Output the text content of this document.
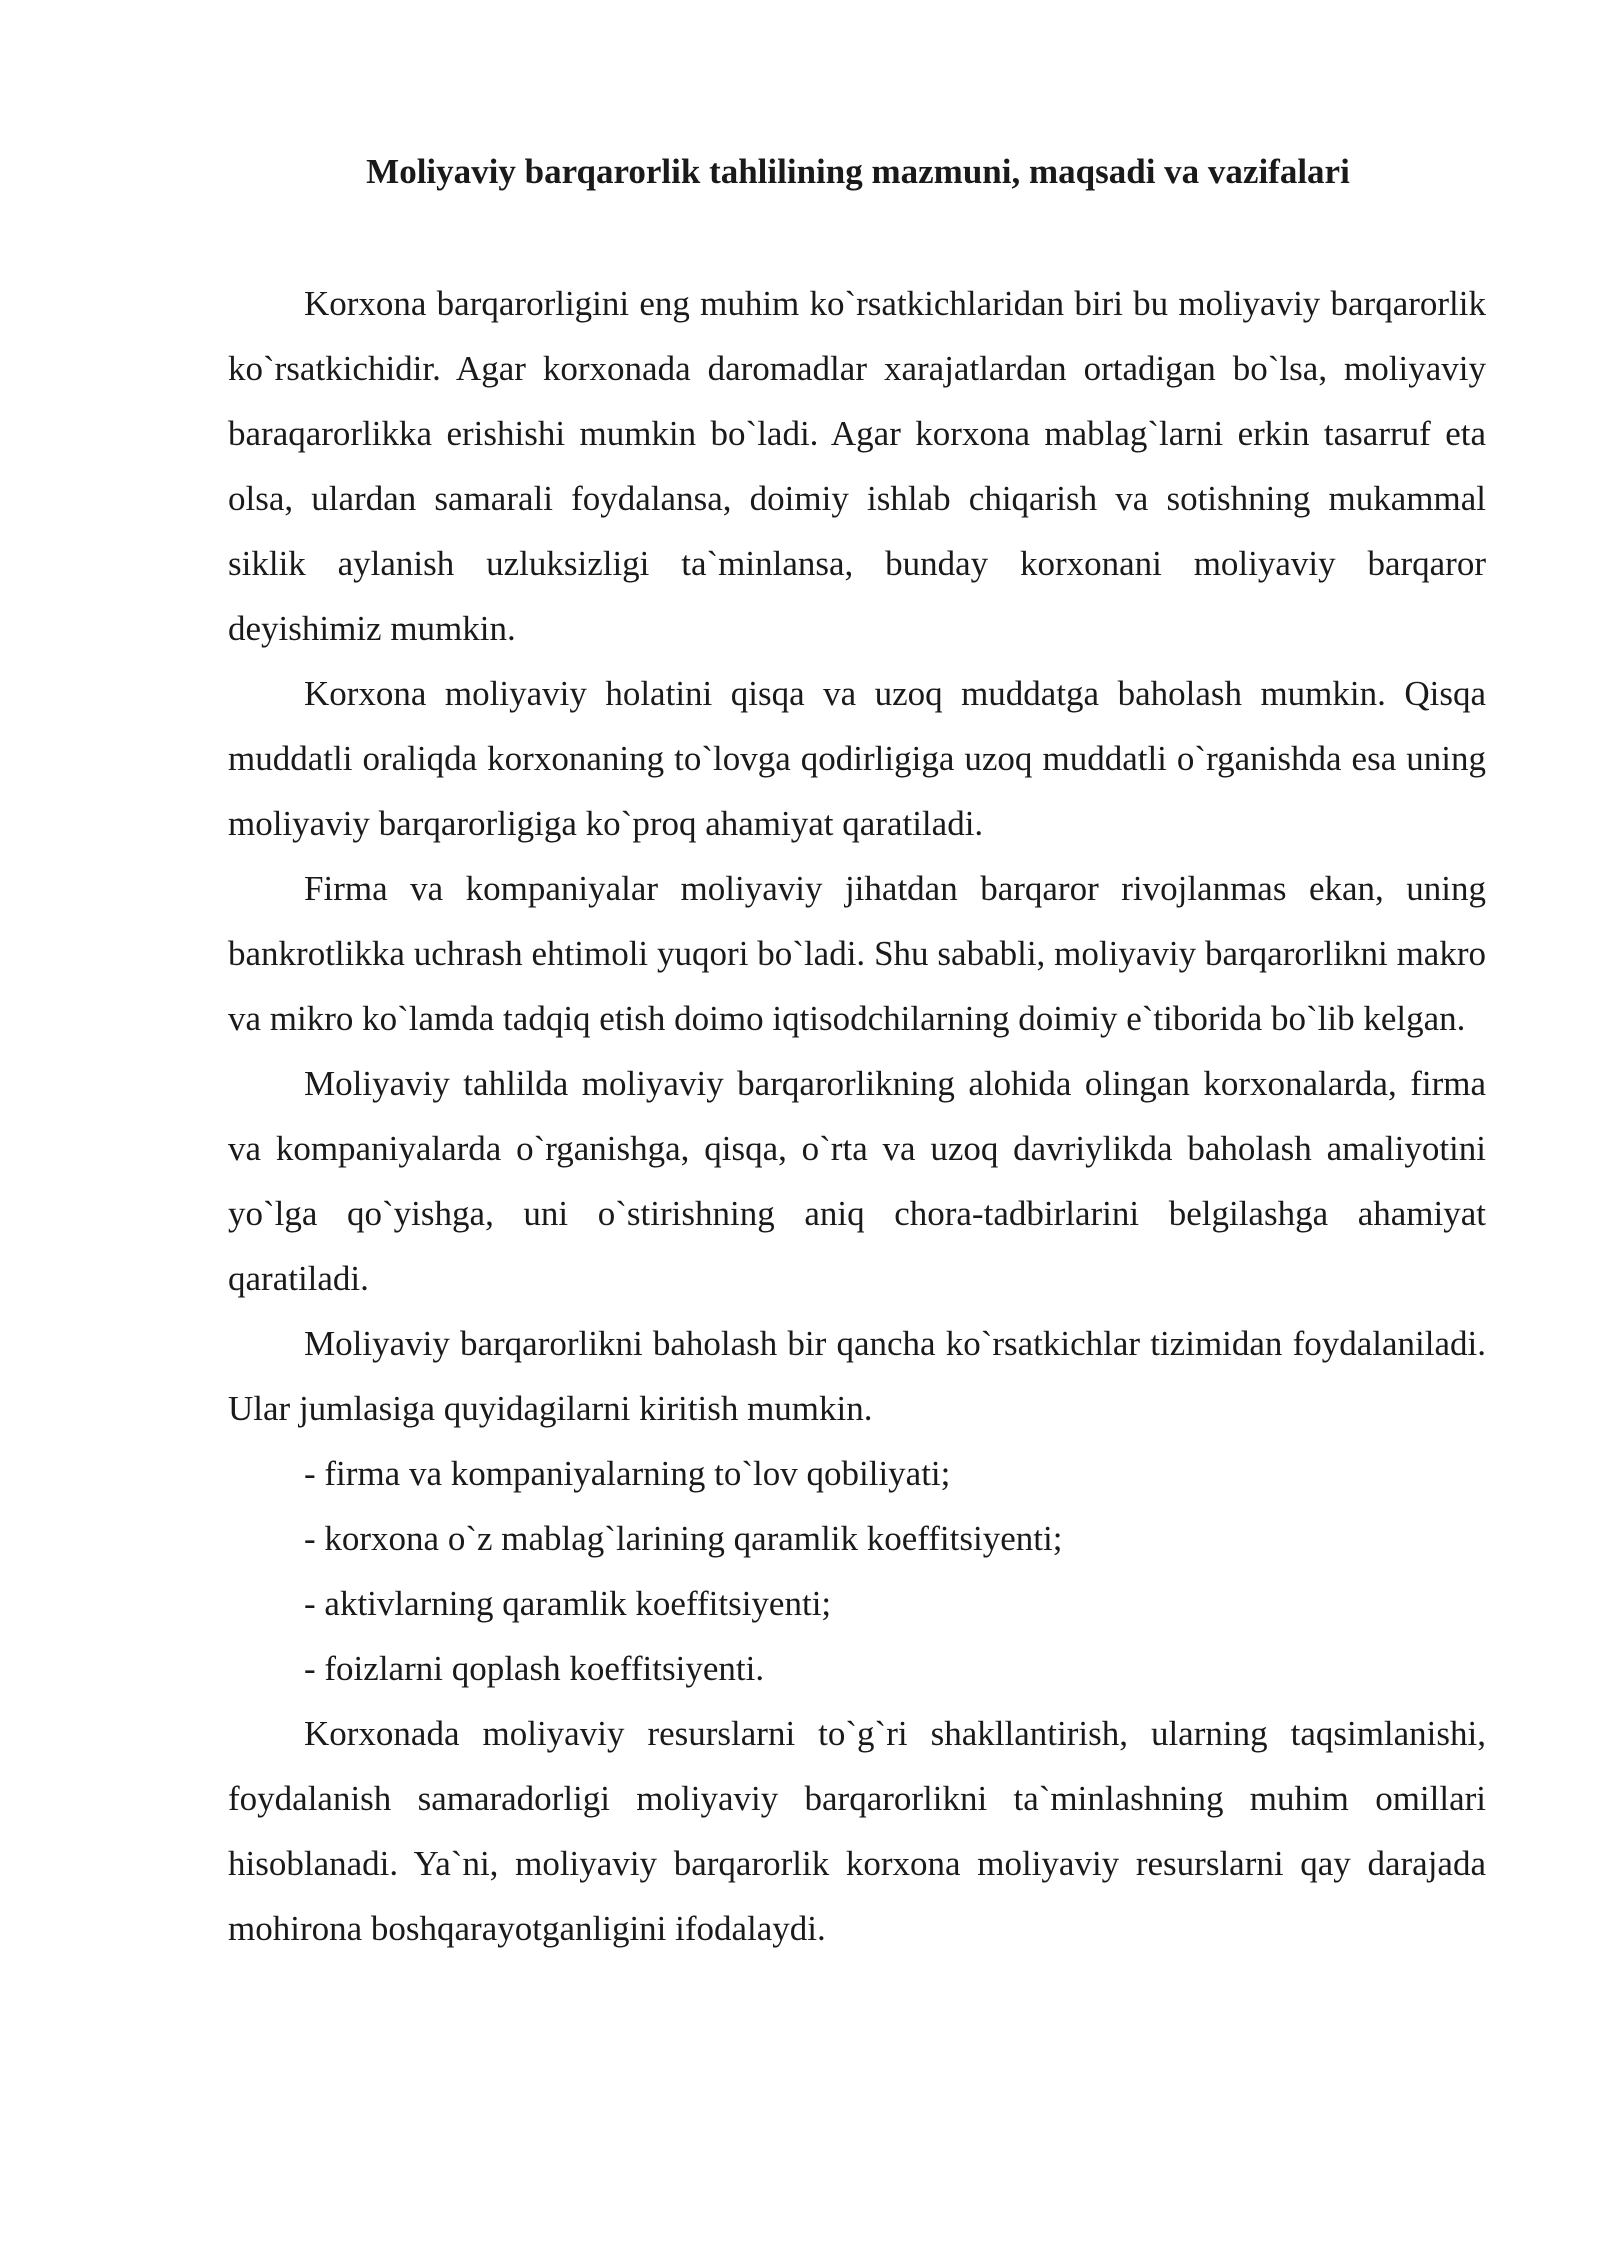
Moliyaviy barqarorlik tahlilining mazmuni, maqsadi va vazifalari

Korxona barqarorligini eng muhim ko`rsatkichlaridan biri bu moliyaviy barqarorlik ko`rsatkichidir. Agar korxonada daromadlar xarajatlardan ortadigan bo`lsa, moliyaviy baraqarorlikka erishishi mumkin bo`ladi. Agar korxona mablag`larni erkin tasarruf eta olsa, ulardan samarali foydalansa, doimiy ishlab chiqarish va sotishning mukammal siklik aylanish uzluksizligi ta`minlansa, bunday korxonani moliyaviy barqaror deyishimiz mumkin.

Korxona moliyaviy holatini qisqa va uzoq muddatga baholash mumkin. Qisqa muddatli oraliqda korxonaning to`lovga qodirligiga uzoq muddatli o`rganishda esa uning moliyaviy barqarorligiga ko`proq ahamiyat qaratiladi.

Firma va kompaniyalar moliyaviy jihatdan barqaror rivojlanmas ekan, uning bankrotlikka uchrash ehtimoli yuqori bo`ladi. Shu sababli, moliyaviy barqarorlikni makro va mikro ko`lamda tadqiq etish doimo iqtisodchilarning doimiy e`tiborida bo`lib kelgan.

Moliyaviy tahlilda moliyaviy barqarorlikning alohida olingan korxonalarda, firma va kompaniyalarda o`rganishga, qisqa, o`rta va uzoq davriylikda baholash amaliyotini yo`lga qo`yishga, uni o`stirishning aniq chora-tadbirlarini belgilashga ahamiyat qaratiladi.

Moliyaviy barqarorlikni baholash bir qancha ko`rsatkichlar tizimidan foydalaniladi. Ular jumlasiga quyidagilarni kiritish mumkin.

- firma va kompaniyalarning to`lov qobiliyati;

- korxona o`z mablag`larining qaramlik koeffitsiyenti;

- aktivlarning qaramlik koeffitsiyenti;

- foizlarni qoplash koeffitsiyenti.

Korxonada moliyaviy resurslarni to`g`ri shakllantirish, ularning taqsimlanishi, foydalanish samaradorligi moliyaviy barqarorlikni ta`minlashning muhim omillari hisoblanadi. Ya`ni, moliyaviy barqarorlik korxona moliyaviy resurslarni qay darajada mohirona boshqarayotganligini ifodalaydi.
